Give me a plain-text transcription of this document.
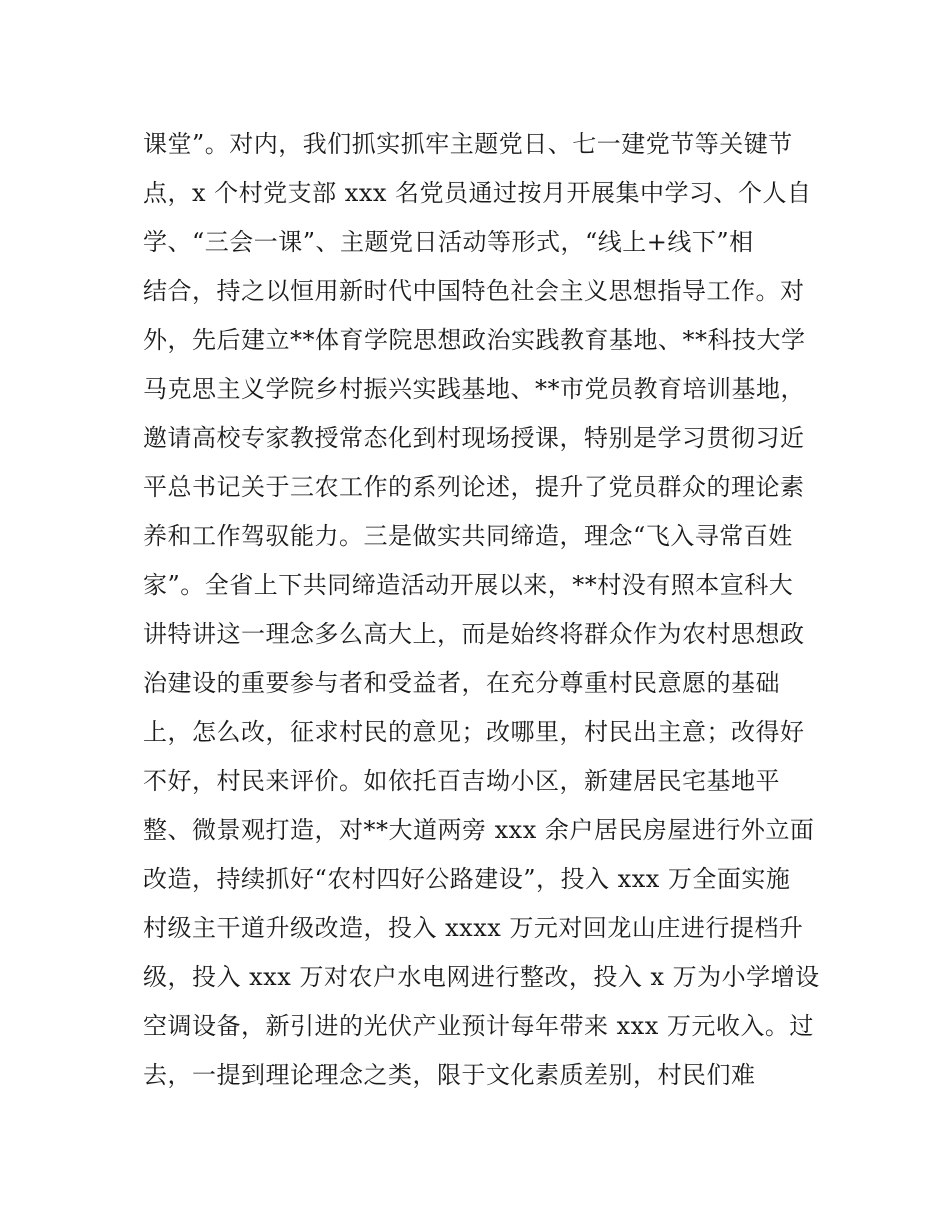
课堂”。对内，我们抓实抓牢主题党日、七一建党节等关键节
点，x 个村党支部 xxx 名党员通过按月开展集中学习、个人自
学、“三会一课”、主题党日活动等形式，“线上+线下”相
结合，持之以恒用新时代中国特色社会主义思想指导工作。对
外，先后建立**体育学院思想政治实践教育基地、**科技大学
马克思主义学院乡村振兴实践基地、**市党员教育培训基地，
邀请高校专家教授常态化到村现场授课，特别是学习贯彻习近
平总书记关于三农工作的系列论述，提升了党员群众的理论素
养和工作驾驭能力。三是做实共同缔造，理念“飞入寻常百姓
家”。全省上下共同缔造活动开展以来，**村没有照本宣科大
讲特讲这一理念多么高大上，而是始终将群众作为农村思想政
治建设的重要参与者和受益者，在充分尊重村民意愿的基础
上，怎么改，征求村民的意见；改哪里，村民出主意；改得好
不好，村民来评价。如依托百吉坳小区，新建居民宅基地平
整、微景观打造，对**大道两旁 xxx 余户居民房屋进行外立面
改造，持续抓好“农村四好公路建设”，投入 xxx 万全面实施
村级主干道升级改造，投入 xxxx 万元对回龙山庄进行提档升
级，投入 xxx 万对农户水电网进行整改，投入 x 万为小学增设
空调设备，新引进的光伏产业预计每年带来 xxx 万元收入。过
去，一提到理论理念之类，限于文化素质差别，村民们难
